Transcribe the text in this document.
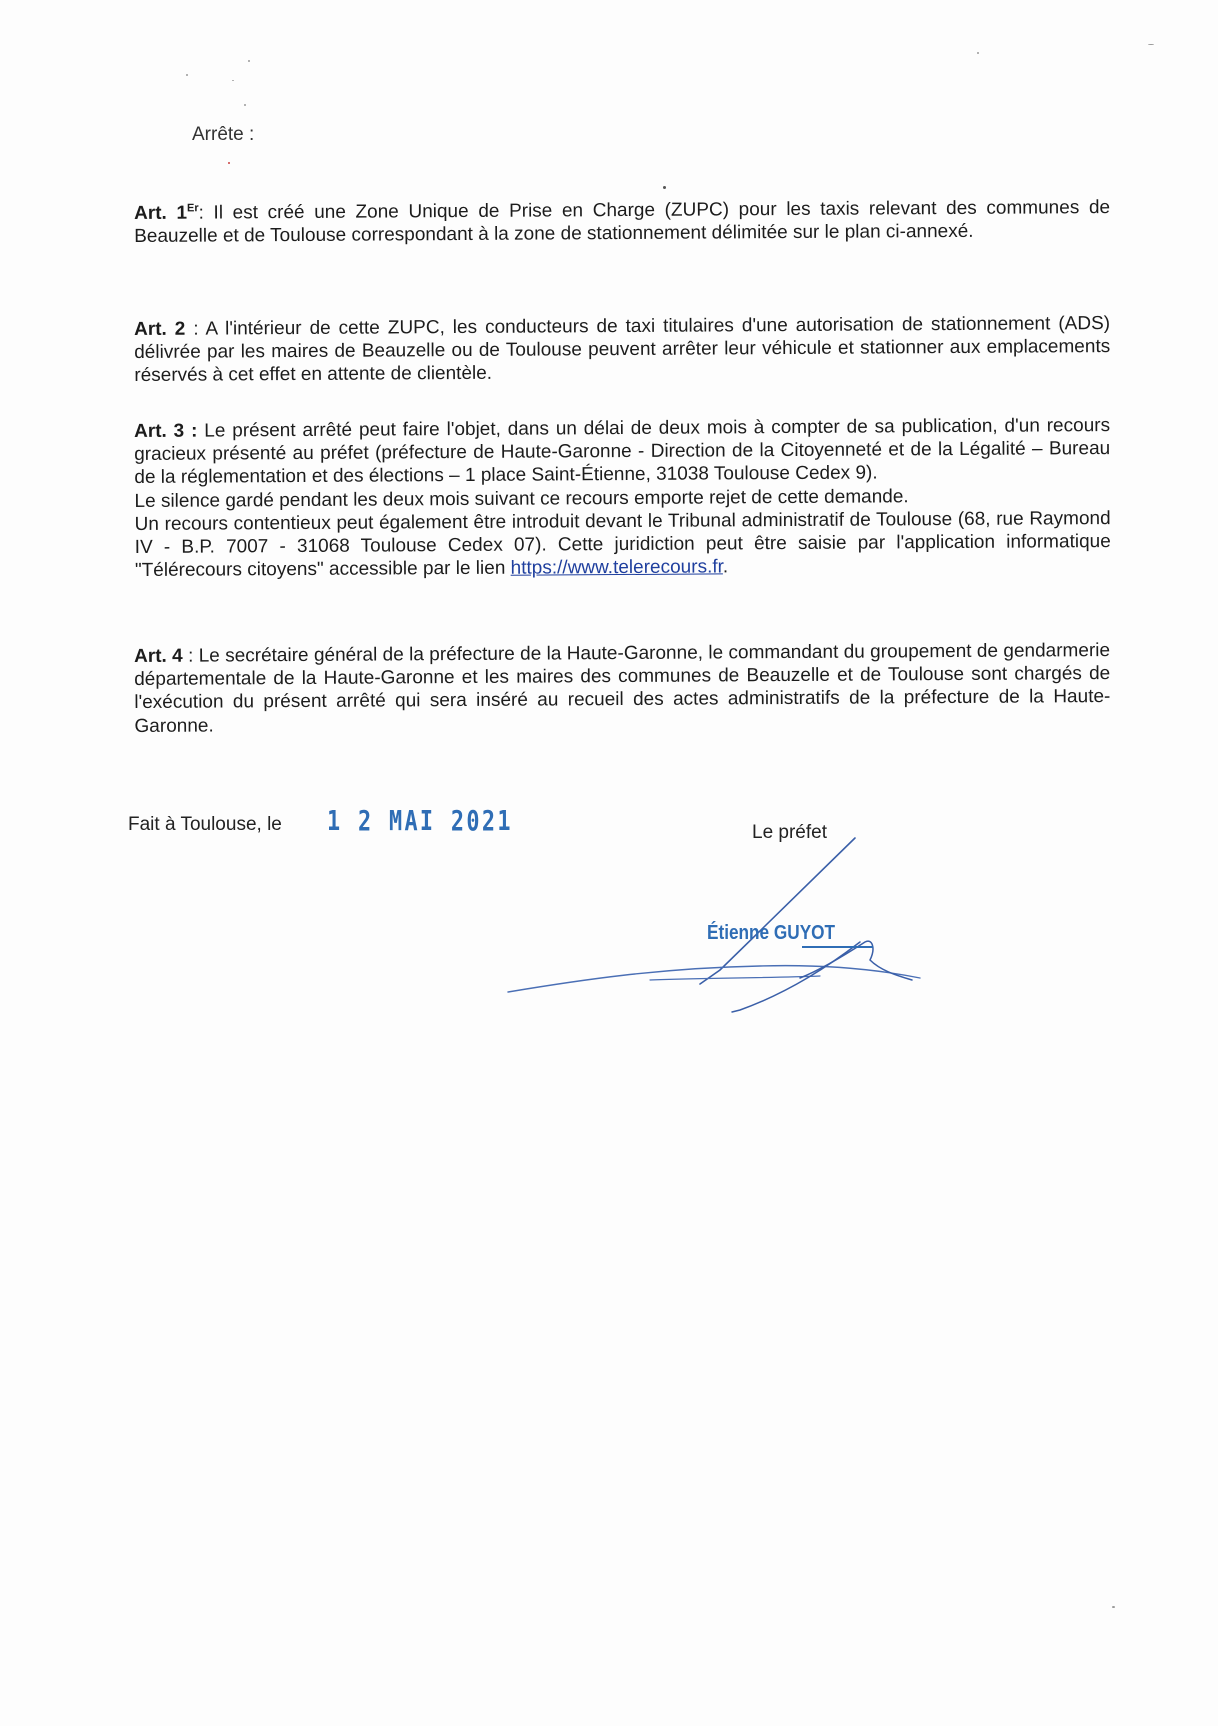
Arrête :

Art. 1Er: Il est créé une Zone Unique de Prise en Charge (ZUPC) pour les taxis relevant des communes de Beauzelle et de Toulouse correspondant à la zone de stationnement délimitée sur le plan ci-annexé.

Art. 2 : A l'intérieur de cette ZUPC, les conducteurs de taxi titulaires d'une autorisation de stationnement (ADS) délivrée par les maires de Beauzelle ou de Toulouse peuvent arrêter leur véhicule et stationner aux emplacements réservés à cet effet en attente de clientèle.

Art. 3 : Le présent arrêté peut faire l'objet, dans un délai de deux mois à compter de sa publication, d'un recours gracieux présenté au préfet (préfecture de Haute-Garonne - Direction de la Citoyenneté et de la Légalité – Bureau de la réglementation et des élections – 1 place Saint-Étienne, 31038 Toulouse Cedex 9).

Le silence gardé pendant les deux mois suivant ce recours emporte rejet de cette demande.

Un recours contentieux peut également être introduit devant le Tribunal administratif de Toulouse (68, rue Raymond IV - B.P. 7007 - 31068 Toulouse Cedex 07). Cette juridiction peut être saisie par l'application informatique "Télérecours citoyens" accessible par le lien https://www.telerecours.fr.

Art. 4 : Le secrétaire général de la préfecture de la Haute-Garonne, le commandant du groupement de gendarmerie départementale de la Haute-Garonne et les maires des communes de Beauzelle et de Toulouse sont chargés de l'exécution du présent arrêté qui sera inséré au recueil des actes administratifs de la préfecture de la Haute-Garonne.

Fait à Toulouse, le 1 2 MAI 2021	Le préfet
Étienne GUYOT
